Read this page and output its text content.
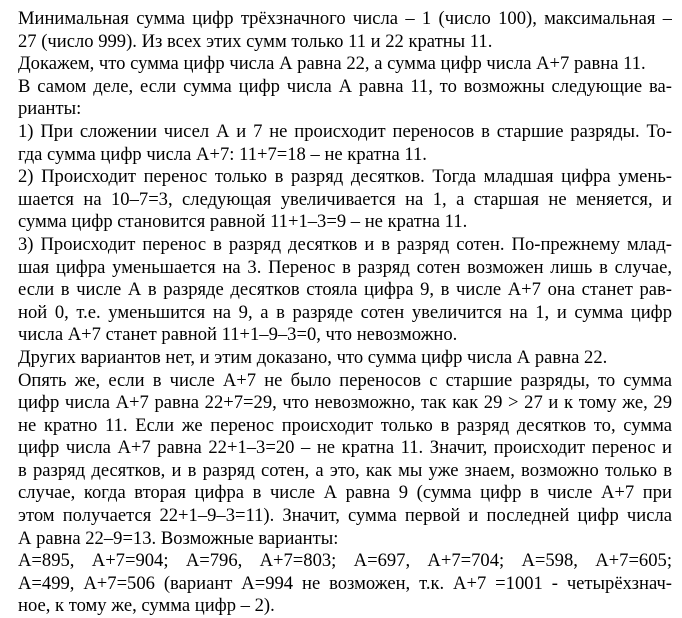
Минимальная сумма цифр трёхзначного числа – 1 (число 100), максимальная –
27 (число 999). Из всех этих сумм только 11 и 22 кратны 11.
Докажем, что сумма цифр числа А равна 22, а сумма цифр числа А+7 равна 11.
В самом деле, если сумма цифр числа А равна 11, то возможны следующие ва-
рианты:
1) При сложении чисел А и 7 не происходит переносов в старшие разряды. То-
гда сумма цифр числа А+7: 11+7=18 – не кратна 11.
2) Происходит перенос только в разряд десятков. Тогда младшая цифра умень-
шается на 10–7=3, следующая увеличивается на 1, а старшая не меняется, и
сумма цифр становится равной 11+1–3=9 – не кратна 11.
3) Происходит перенос в разряд десятков и в разряд сотен. По-прежнему млад-
шая цифра уменьшается на 3. Перенос в разряд сотен возможен лишь в случае,
если в числе А в разряде десятков стояла цифра 9, в числе А+7 она станет рав-
ной 0, т.е. уменьшится на 9, а в разряде сотен увеличится на 1, и сумма цифр
числа А+7 станет равной 11+1–9–3=0, что невозможно.
Других вариантов нет, и этим доказано, что сумма цифр числа А равна 22.
Опять же, если в числе А+7 не было переносов с старшие разряды, то сумма
цифр числа А+7 равна 22+7=29, что невозможно, так как 29 > 27 и к тому же, 29
не кратно 11. Если же перенос происходит только в разряд десятков то, сумма
цифр числа А+7 равна 22+1–3=20 – не кратна 11. Значит, происходит перенос и
в разряд десятков, и в разряд сотен, а это, как мы уже знаем, возможно только в
случае, когда вторая цифра в числе А равна 9 (сумма цифр в числе А+7 при
этом получается 22+1–9–3=11). Значит, сумма первой и последней цифр числа
А равна 22–9=13. Возможные варианты:
А=895, А+7=904; А=796, А+7=803; А=697, А+7=704; А=598, А+7=605;
А=499, А+7=506 (вариант А=994 не возможен, т.к. А+7 =1001 - четырёхзнач-
ное, к тому же, сумма цифр – 2).
